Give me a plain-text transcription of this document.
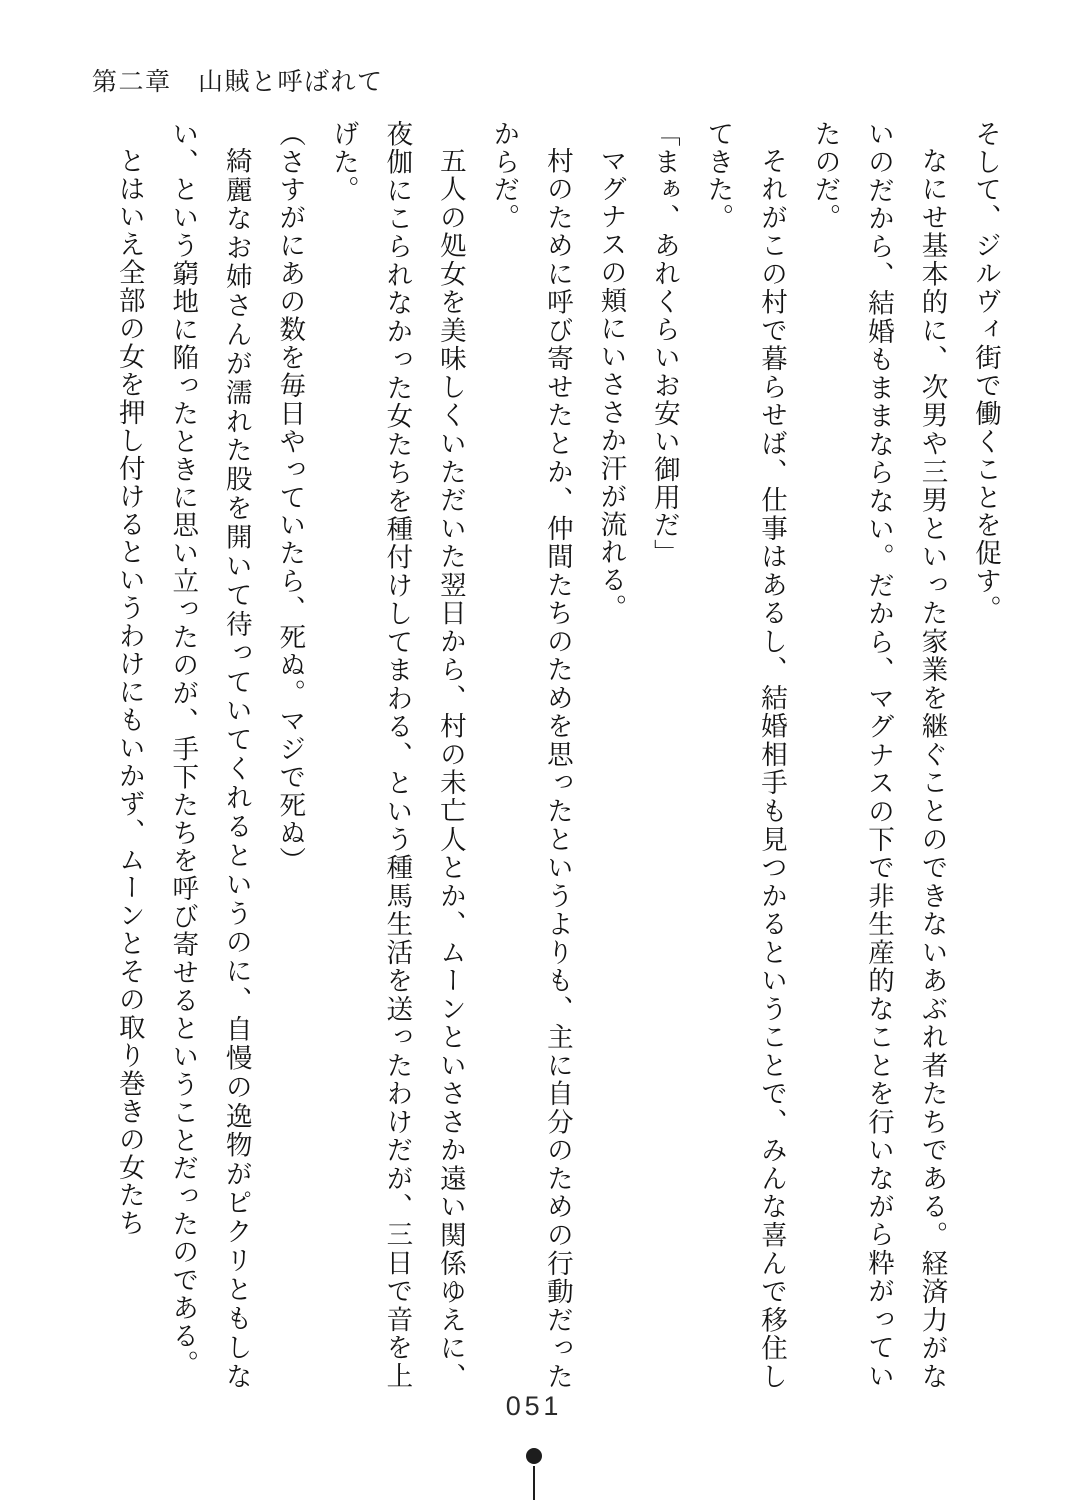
第二章　山賊と呼ばれて

そして、ジルヴィ街で働くことを促す。

なにせ基本的に、次男や三男といった家業を継ぐことのできないあぶれ者たちである。経済力がないのだから、結婚もままならない。だから、マグナスの下で非生産的なことを行いながら粋がっていたのだ。

それがこの村で暮らせば、仕事はあるし、結婚相手も見つかるということで、みんな喜んで移住してきた。

「まぁ、あれくらいお安い御用だ」

マグナスの頬にいささか汗が流れる。

村のために呼び寄せたとか、仲間たちのためを思ったというよりも、主に自分のための行動だったからだ。

五人の処女を美味しくいただいた翌日から、村の未亡人とか、ムーンといささか遠い関係ゆえに、夜伽にこられなかった女たちを種付けしてまわる、という種馬生活を送ったわけだが、三日で音を上げた。

（さすがにあの数を毎日やっていたら、死ぬ。マジで死ぬ）

綺麗なお姉さんが濡れた股を開いて待っていてくれるというのに、自慢の逸物がピクリともしない、という窮地に陥ったときに思い立ったのが、手下たちを呼び寄せるということだったのである。

とはいえ全部の女を押し付けるというわけにもいかず、ムーンとその取り巻きの女たち

051
